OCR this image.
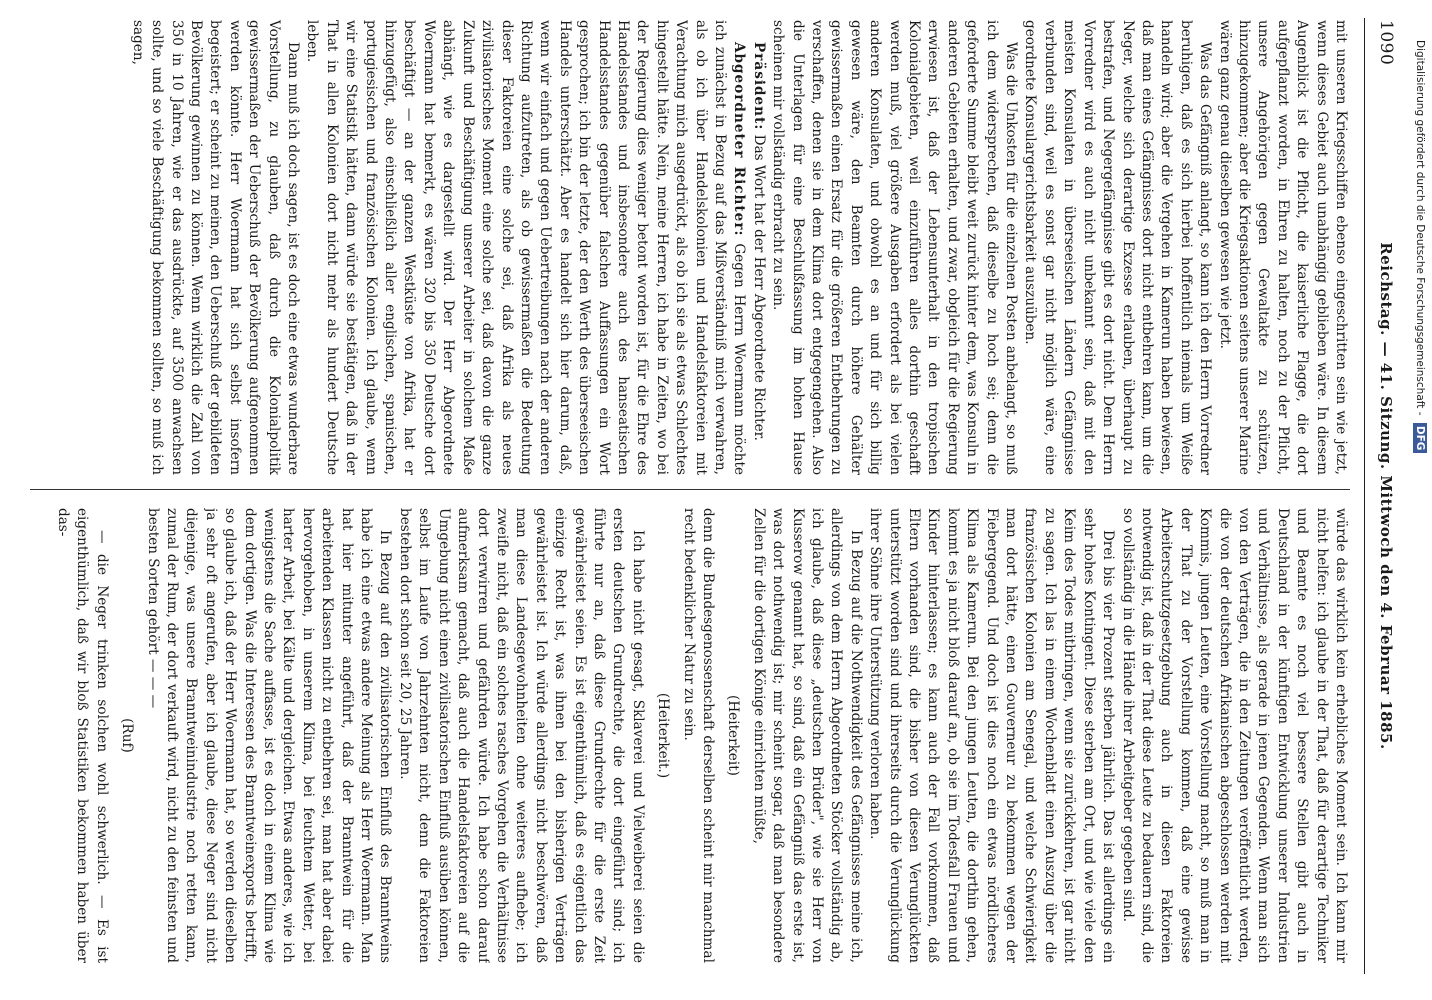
1090
Reichstag. — 41. Sitzung. Mittwoch den 4. Februar 1885.

mit unseren Kriegsschiffen ebenso eingeschritten sein wie jetzt, wenn dieses Gebiet auch unabhängig geblieben wäre. In diesem Augenblick ist die Pflicht, die kaiserliche Flagge, die dort aufgepflanzt worden, in Ehren zu halten, noch zu der Pflicht, unsere Angehörigen gegen Gewaltakte zu schützen, hinzugekommen; aber die Kriegsaktionen seitens unserer Marine wären ganz genau dieselben gewesen wie jetzt.

Was das Gefängniß anlangt, so kann ich den Herrn Vorredner beruhigen, daß es sich hierbei hoffentlich niemals um Weiße handeln wird; aber die Vergehen in Kamerun haben bewiesen, daß man eines Gefängnisses dort nicht entbehren kann, um die Neger, welche sich derartige Exzesse erlauben, überhaupt zu bestrafen, und Negergefängnisse gibt es dort nicht. Dem Herrn Vorredner wird es auch nicht unbekannt sein, daß mit den meisten Konsulaten in überseeischen Ländern Gefängnisse verbunden sind, weil es sonst gar nicht möglich wäre, eine geordnete Konsulargerichtsbarkeit auszuüben.

Was die Unkosten für die einzelnen Posten anbelangt, so muß ich dem widersprechen, daß dieselbe zu hoch sei; denn die geforderte Summe bleibt weit zurück hinter dem, was Konsuln in anderen Gebieten erhalten, und zwar, obgleich für die Regierung erwiesen ist, daß der Lebensunterhalt in den tropischen Kolonialgebieten, weil einzuführen alles dorthin geschafft werden muß, viel größere Ausgaben erfordert als bei vielen anderen Konsulaten, und obwohl es an und für sich billig gewesen wäre, den Beamten durch höhere Gehälter gewissermaßen einen Ersatz für die größeren Entbehrungen zu verschaffen, denen sie in dem Klima dort entgegengehen. Also die Unterlagen für eine Beschlußfassung im hohen Hause scheinen mir vollständig erbracht zu sein.

Präsident: Das Wort hat der Herr Abgeordnete Richter.

Abgeordneter Richter: Gegen Herrn Woermann möchte ich zunächst in Bezug auf das Mißverständniß mich verwahren, als ob ich über Handelskolonien und Handelsfaktoreien mit Verachtung mich ausgedrückt, als ob ich sie als etwas Schlechtes hingestellt hätte. Nein, meine Herren, ich habe in Zeiten, wo bei der Regierung dies weniger betont worden ist, für die Ehre des Handelsstandes und insbesondere auch des hanseatischen Handelsstandes gegenüber falschen Auffassungen ein Wort gesprochen; ich bin der letzte, der den Werth des überseeischen Handels unterschätzt. Aber es handelt sich hier darum, daß, wenn wir einfach und gegen Uebertreibungen nach der anderen Richtung aufzutreten, als ob gewissermaßen die Bedeutung dieser Faktoreien eine solche sei, daß Afrika als neues zivilisatorisches Moment eine solche sei, daß davon die ganze Zukunft und Beschäftigung unserer Arbeiter in solchem Maße abhängt, wie es dargestellt wird. Der Herr Abgeordnete Woermann hat bemerkt, es wären 320 bis 350 Deutsche dort beschäftigt — an der ganzen Westküste von Afrika, hat er hinzugefügt, also einschließlich aller englischen, spanischen, portugiesischen und französischen Kolonien. Ich glaube, wenn wir eine Statistik hätten, dann würde sie bestätigen, daß in der That in allen Kolonien dort nicht mehr als hundert Deutsche leben.

Dann muß ich doch sagen, ist es doch eine etwas wunderbare Vorstellung, zu glauben, daß durch die Kolonialpolitik gewissermaßen der Ueberschuß der Bevölkerung aufgenommen werden könnte. Herr Woermann hat sich selbst insofern begeistert; er scheint zu meinen, den Ueberschuß der gebildeten Bevölkerung gewinnen zu können. Wenn wirklich die Zahl von 350 in 10 Jahren, wie er das ausdrückte, auf 3500 anwachsen sollte, und so viele Beschäftigung bekommen sollten, so muß ich sagen,

würde das wirklich kein erhebliches Moment sein. Ich kann mir nicht helfen: ich glaube in der That, daß für derartige Techniker und Beamte es noch viel bessere Stellen gibt auch in Deutschland in der künftigen Entwicklung unserer Industrien und Verhältnisse, als gerade in jenen Gegenden. Wenn man sich von den Verträgen, die in den Zeitungen veröffentlicht werden, die von der deutschen Afrikanischen abgeschlossen werden mit Kommis, jungen Leuten, eine Vorstellung macht, so muß man in der That zu der Vorstellung kommen, daß eine gewisse Arbeiterschutzgesetzgebung auch in diesen Faktoreien notwendig ist, daß in der That diese Leute zu bedauern sind, die so vollständig in die Hände ihrer Arbeitgeber gegeben sind.

Drei bis vier Prozent sterben jährlich. Das ist allerdings ein sehr hohes Kontingent. Diese sterben am Ort, und wie viele den Keim des Todes mitbringen, wenn sie zurückkehren, ist gar nicht zu sagen. Ich las in einem Wochenblatt einen Auszug über die französischen Kolonien am Senegal, und welche Schwierigkeit man dort hätte, einen Gouverneur zu bekommen wegen der Fiebergegend. Und doch ist dies noch ein etwas nördlicheres Klima als Kamerun. Bei den jungen Leuten, die dorthin gehen, kommt es ja nicht bloß darauf an, ob sie im Todesfall Frauen und Kinder hinterlassen; es kann auch der Fall vorkommen, daß Eltern vorhanden sind, die bisher von diesen Verunglückten unterstützt worden sind und ihrerseits durch die Verunglückung ihrer Söhne ihre Unterstützung verloren haben.

In Bezug auf die Nothwendigkeit des Gefängnisses meine ich, allerdings von dem Herrn Abgeordneten Stöcker vollständig ab, ich glaube, daß diese „deutschen Brüder", wie sie Herr von Kusserow genannt hat, so sind, daß ein Gefängniß das erste ist, was dort nothwendig ist; mir scheint sogar, daß man besondere Zellen für die dortigen Könige einrichten müßte,

(Heiterkeit)

denn die Bundesgenossenschaft derselben scheint mir manchmal recht bedenklicher Natur zu sein.

(Heiterkeit.)

Ich habe nicht gesagt, Sklaverei und Vielweiberei seien die ersten deutschen Grundrechte, die dort eingeführt sind; ich führte nur an, daß diese Grundrechte für die erste Zeit gewährleistet seien. Es ist eigenthümlich, daß es eigentlich das einzige Recht ist, was ihnen bei den bisherigen Verträgen gewährleistet ist. Ich würde allerdings nicht beschwören, daß man diese Landesgewohnheiten ohne weiteres aufhebe; ich zweifle nicht, daß ein solches rasches Vorgehen die Verhältnisse dort verwirren und gefährden würde. Ich habe schon darauf aufmerksam gemacht, daß auch die Handelsfaktoreien auf die Umgebung nicht einen zivilisatorischen Einfluß ausüben können, selbst im Laufe von Jahrzehnten nicht, denn die Faktoreien bestehen dort schon seit 20, 25 Jahren.

In Bezug auf den zivilisatorischen Einfluß des Branntweins habe ich eine etwas andere Meinung als Herr Woermann. Man hat hier mitunter angeführt, daß der Branntwein für die arbeitenden Klassen nicht zu entbehren sei, man hat aber dabei hervorgehoben, in unserem Klima, bei feuchtem Wetter, bei harter Arbeit, bei Kälte und dergleichen. Etwas anderes, wie ich wenigstens die Sache auffasse, ist es doch in einem Klima wie dem dortigen. Was die Interessen des Branntweinexports betrifft, so glaube ich, daß der Herr Woermann hat, so werden dieselben ja sehr oft angerufen, aber ich glaube, diese Neger sind nicht diejenige, was unsere Branntweinindustrie noch retten kann, zumal der Rum, der dort verkauft wird, nicht zu den feinsten und besten Sorten gehört — — —

(Ruf)

— die Neger trinken solchen wohl schwerlich. — Es ist eigenthümlich, daß wir bloß Statistiken bekommen haben über das-

Digitalisierung gefördert durch die Deutsche Forschungsgemeinschaft - DFG
